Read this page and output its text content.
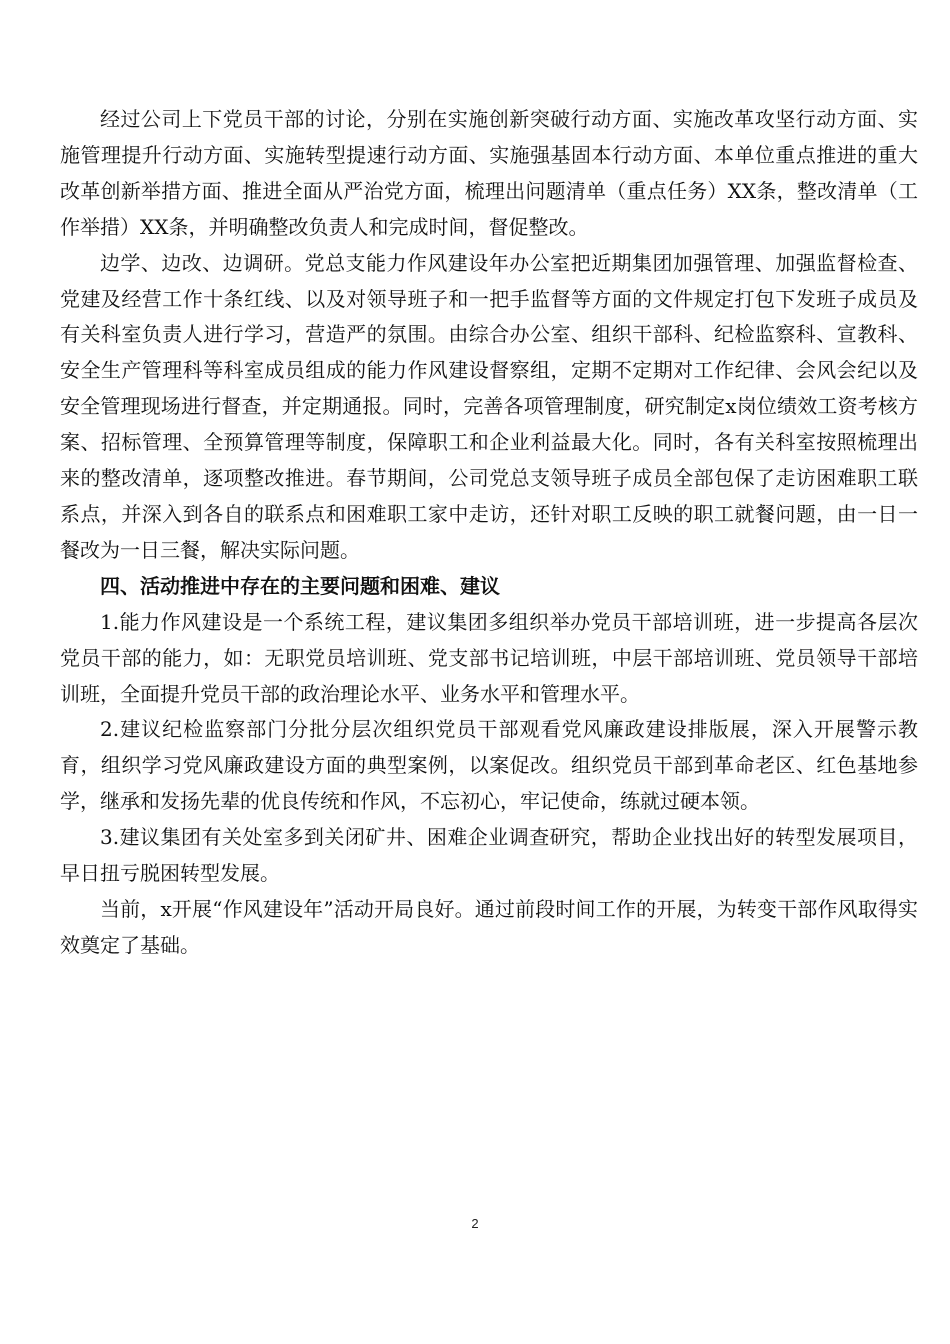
经过公司上下党员干部的讨论，分别在实施创新突破行动方面、实施改革攻坚行动方面、实施管理提升行动方面、实施转型提速行动方面、实施强基固本行动方面、本单位重点推进的重大改革创新举措方面、推进全面从严治党方面，梳理出问题清单（重点任务）XX条，整改清单（工作举措）XX条，并明确整改负责人和完成时间，督促整改。

边学、边改、边调研。党总支能力作风建设年办公室把近期集团加强管理、加强监督检查、党建及经营工作十条红线、以及对领导班子和一把手监督等方面的文件规定打包下发班子成员及有关科室负责人进行学习，营造严的氛围。由综合办公室、组织干部科、纪检监察科、宣教科、安全生产管理科等科室成员组成的能力作风建设督察组，定期不定期对工作纪律、会风会纪以及安全管理现场进行督查，并定期通报。同时，完善各项管理制度，研究制定x岗位绩效工资考核方案、招标管理、全预算管理等制度，保障职工和企业利益最大化。同时，各有关科室按照梳理出来的整改清单，逐项整改推进。春节期间，公司党总支领导班子成员全部包保了走访困难职工联系点，并深入到各自的联系点和困难职工家中走访，还针对职工反映的职工就餐问题，由一日一餐改为一日三餐，解决实际问题。

四、活动推进中存在的主要问题和困难、建议

1.能力作风建设是一个系统工程，建议集团多组织举办党员干部培训班，进一步提高各层次党员干部的能力，如：无职党员培训班、党支部书记培训班，中层干部培训班、党员领导干部培训班，全面提升党员干部的政治理论水平、业务水平和管理水平。

2.建议纪检监察部门分批分层次组织党员干部观看党风廉政建设排版展，深入开展警示教育，组织学习党风廉政建设方面的典型案例，以案促改。组织党员干部到革命老区、红色基地参学，继承和发扬先辈的优良传统和作风，不忘初心，牢记使命，练就过硬本领。

3.建议集团有关处室多到关闭矿井、困难企业调查研究，帮助企业找出好的转型发展项目，早日扭亏脱困转型发展。

当前，x开展“作风建设年”活动开局良好。通过前段时间工作的开展，为转变干部作风取得实效奠定了基础。

2
